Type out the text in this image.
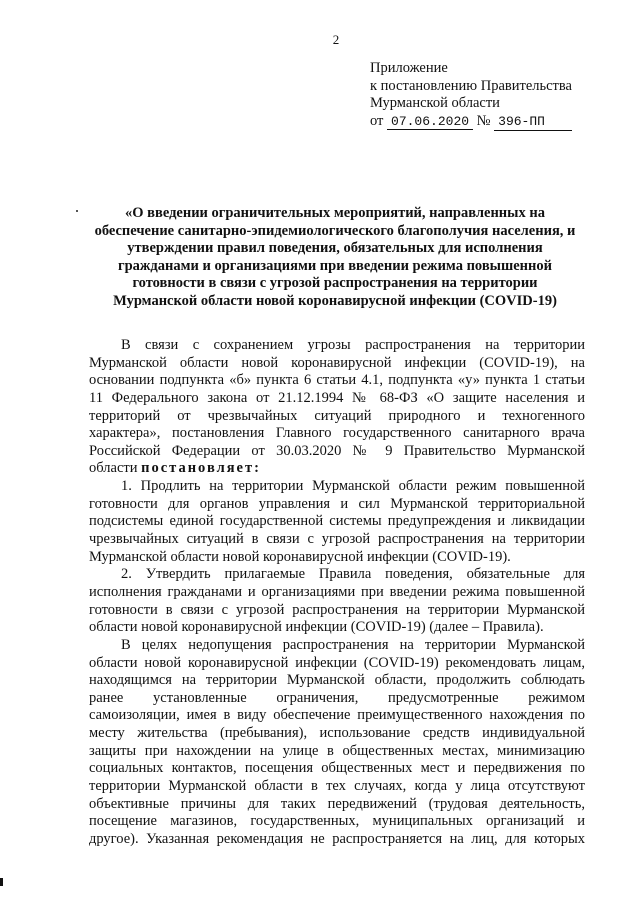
2
Приложение
к постановлению Правительства
Мурманской области
от 07.06.2020 № 396-ПП
«О введении ограничительных мероприятий, направленных на
обеспечение санитарно-эпидемиологического благополучия населения, и
утверждении правил поведения, обязательных для исполнения
гражданами и организациями при введении режима повышенной
готовности в связи с угрозой распространения на территории
Мурманской области новой коронавирусной инфекции (COVID-19)
В связи с сохранением угрозы распространения на территории
Мурманской области новой коронавирусной инфекции (COVID-19), на
основании подпункта «б» пункта 6 статьи 4.1, подпункта «у» пункта 1 статьи
11 Федерального закона от 21.12.1994 № 68-ФЗ «О защите населения и
территорий от чрезвычайных ситуаций природного и техногенного
характера», постановления Главного государственного санитарного врача
Российской Федерации от 30.03.2020 № 9 Правительство Мурманской
области постановляет:
1. Продлить на территории Мурманской области режим повышенной
готовности для органов управления и сил Мурманской территориальной
подсистемы единой государственной системы предупреждения и ликвидации
чрезвычайных ситуаций в связи с угрозой распространения на территории
Мурманской области новой коронавирусной инфекции (COVID-19).
2. Утвердить прилагаемые Правила поведения, обязательные для
исполнения гражданами и организациями при введении режима повышенной
готовности в связи с угрозой распространения на территории Мурманской
области новой коронавирусной инфекции (COVID-19) (далее – Правила).
В целях недопущения распространения на территории Мурманской
области новой коронавирусной инфекции (COVID-19) рекомендовать лицам,
находящимся на территории Мурманской области, продолжить соблюдать
ранее установленные ограничения, предусмотренные режимом
самоизоляции, имея в виду обеспечение преимущественного нахождения по
месту жительства (пребывания), использование средств индивидуальной
защиты при нахождении на улице в общественных местах, минимизацию
социальных контактов, посещения общественных мест и передвижения по
территории Мурманской области в тех случаях, когда у лица отсутствуют
объективные причины для таких передвижений (трудовая деятельность,
посещение магазинов, государственных, муниципальных организаций и
другое). Указанная рекомендация не распространяется на лиц, для которых
